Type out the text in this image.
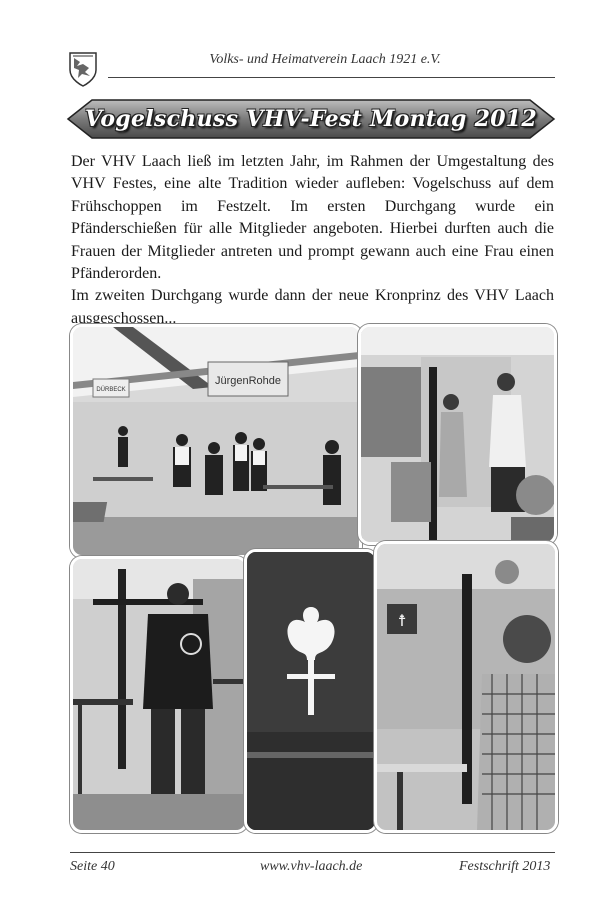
Volks- und Heimatverein Laach 1921 e.V.
Vogelschuss VHV-Fest Montag 2012

Der VHV Laach ließ im letzten Jahr, im Rahmen der Umgestaltung des VHV Festes, eine alte Tradition wieder aufleben: Vogelschuss auf dem Frühschoppen im Festzelt. Im ersten Durchgang wurde ein Pfänderschießen für alle Mitglieder angeboten. Hierbei durften auch die Frauen der Mitglieder antreten und prompt gewann auch eine Frau einen Pfänderorden.

Im zweiten Durchgang wurde dann der neue Kronprinz des VHV Laach ausgeschossen...

JürgenRohde
DÜRBECK
☨
Seite 40	www.vhv-laach.de	Festschrift 2013
